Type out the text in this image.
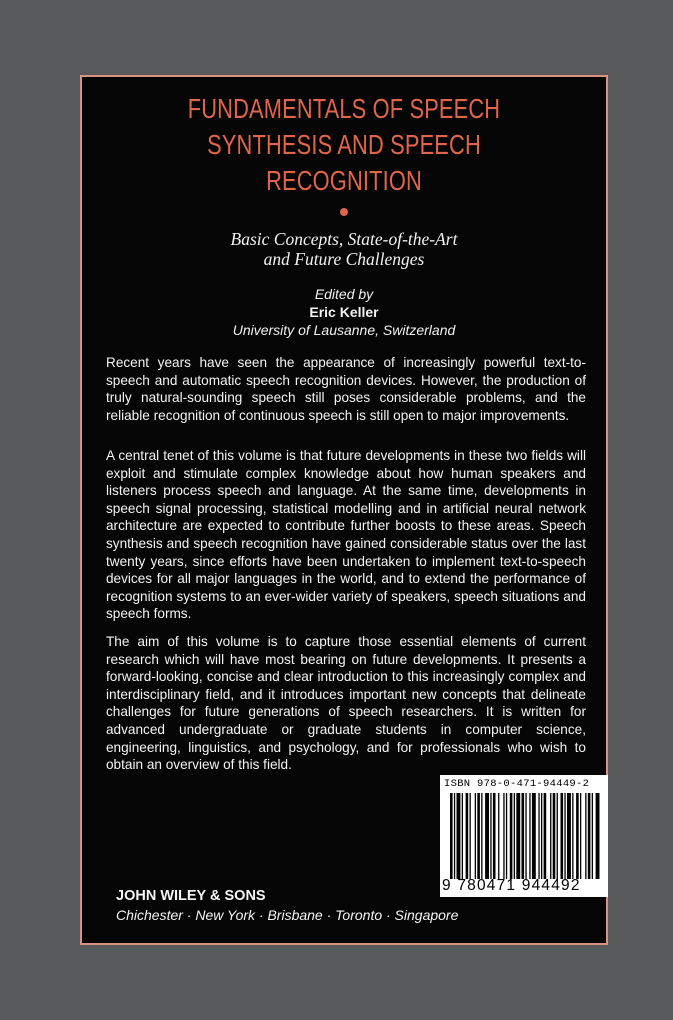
FUNDAMENTALS OF SPEECH
SYNTHESIS AND SPEECH
RECOGNITION
Basic Concepts, State-of-the-Art
and Future Challenges
Edited by
Eric Keller
University of Lausanne, Switzerland

Recent years have seen the appearance of increasingly powerful text-to-speech and automatic speech recognition devices. However, the production of truly natural-sounding speech still poses considerable problems, and the reliable recognition of continuous speech is still open to major improvements.

A central tenet of this volume is that future developments in these two fields will exploit and stimulate complex knowledge about how human speakers and listeners process speech and language. At the same time, developments in speech signal processing, statistical modelling and in artificial neural network architecture are expected to contribute further boosts to these areas. Speech synthesis and speech recognition have gained considerable status over the last twenty years, since efforts have been undertaken to implement text-to-speech devices for all major languages in the world, and to extend the performance of recognition systems to an ever-wider variety of speakers, speech situations and speech forms.

The aim of this volume is to capture those essential elements of current research which will have most bearing on future developments. It presents a forward-looking, concise and clear introduction to this increasingly complex and interdisciplinary field, and it introduces important new concepts that delineate challenges for future generations of speech researchers. It is written for advanced undergraduate or graduate students in computer science, engineering, linguistics, and psychology, and for professionals who wish to obtain an overview of this field.

ISBN 978-0-471-94449-2
9 780471 944492
JOHN WILEY & SONS
Chichester · New York · Brisbane · Toronto · Singapore
